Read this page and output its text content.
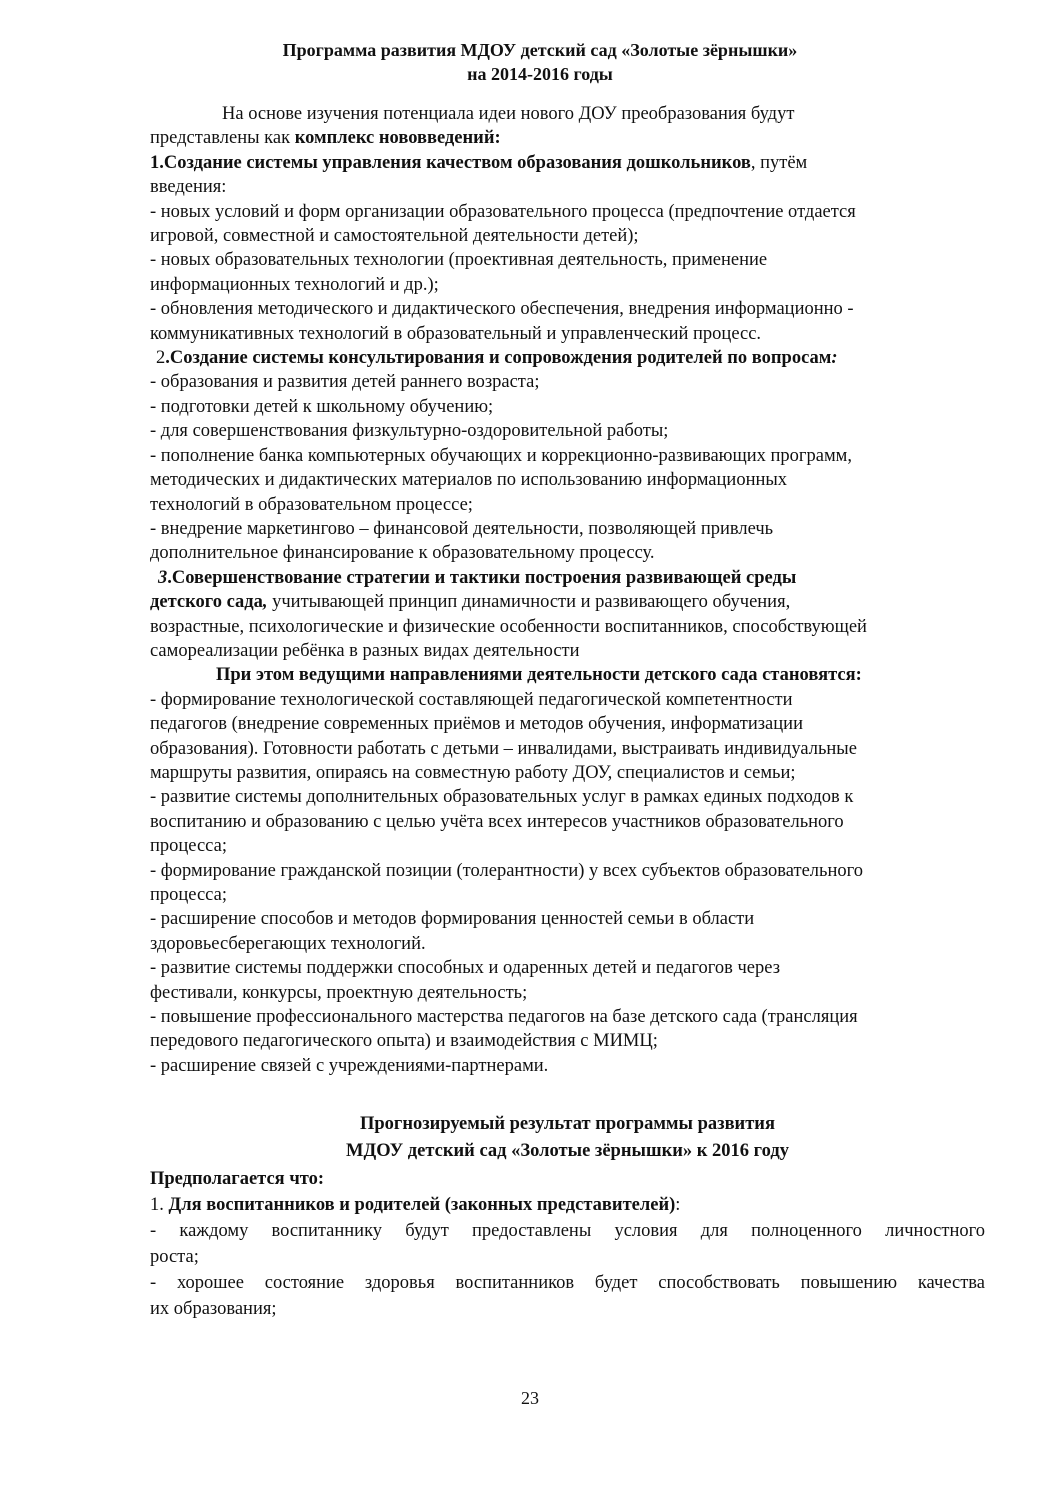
Программа развития МДОУ детский сад «Золотые зёрнышки»
на 2014-2016 годы
На основе изучения потенциала идеи нового ДОУ преобразования будут
представлены как комплекс нововведений:
1.Создание системы управления качеством образования дошкольников, путём
введения:
- новых условий и форм организации образовательного процесса (предпочтение отдается
игровой, совместной и самостоятельной деятельности детей);
- новых образовательных технологии (проективная деятельность, применение
информационных технологий и др.);
- обновления методического и дидактического обеспечения, внедрения информационно -
коммуникативных технологий в образовательный и управленческий процесс.
2.Создание системы консультирования и сопровождения родителей по вопросам:
- образования и развития детей раннего возраста;
- подготовки детей к школьному обучению;
- для совершенствования физкультурно-оздоровительной работы;
- пополнение банка компьютерных обучающих и коррекционно-развивающих программ,
методических и дидактических материалов по использованию информационных
технологий в образовательном процессе;
- внедрение маркетингово – финансовой деятельности, позволяющей привлечь
дополнительное финансирование к образовательному процессу.
3.Совершенствование стратегии и тактики построения развивающей среды
детского сада, учитывающей принцип динамичности и развивающего обучения,
возрастные, психологические и физические особенности воспитанников, способствующей
самореализации ребёнка в разных видах деятельности
При этом ведущими направлениями деятельности детского сада становятся:
- формирование технологической составляющей педагогической компетентности
педагогов (внедрение современных приёмов и методов обучения, информатизации
образования). Готовности работать с детьми – инвалидами, выстраивать индивидуальные
маршруты развития, опираясь на совместную работу ДОУ, специалистов и семьи;
- развитие системы дополнительных образовательных услуг в рамках единых подходов к
воспитанию и образованию с целью учёта всех интересов участников образовательного
процесса;
- формирование гражданской позиции (толерантности) у всех субъектов образовательного
процесса;
- расширение способов и методов формирования ценностей семьи в области
здоровьесберегающих технологий.
- развитие системы поддержки способных и одаренных детей и педагогов через
фестивали, конкурсы, проектную деятельность;
- повышение профессионального мастерства педагогов на базе детского сада (трансляция
передового педагогического опыта) и взаимодействия с МИМЦ;
- расширение связей с учреждениями-партнерами.
Прогнозируемый результат программы развития
МДОУ детский сад «Золотые зёрнышки» к 2016 году
Предполагается что:
1. Для воспитанников и родителей (законных представителей):
- каждому воспитаннику будут предоставлены условия для полноценного личностного
роста;
- хорошее состояние здоровья воспитанников будет способствовать повышению качества
их образования;
23
